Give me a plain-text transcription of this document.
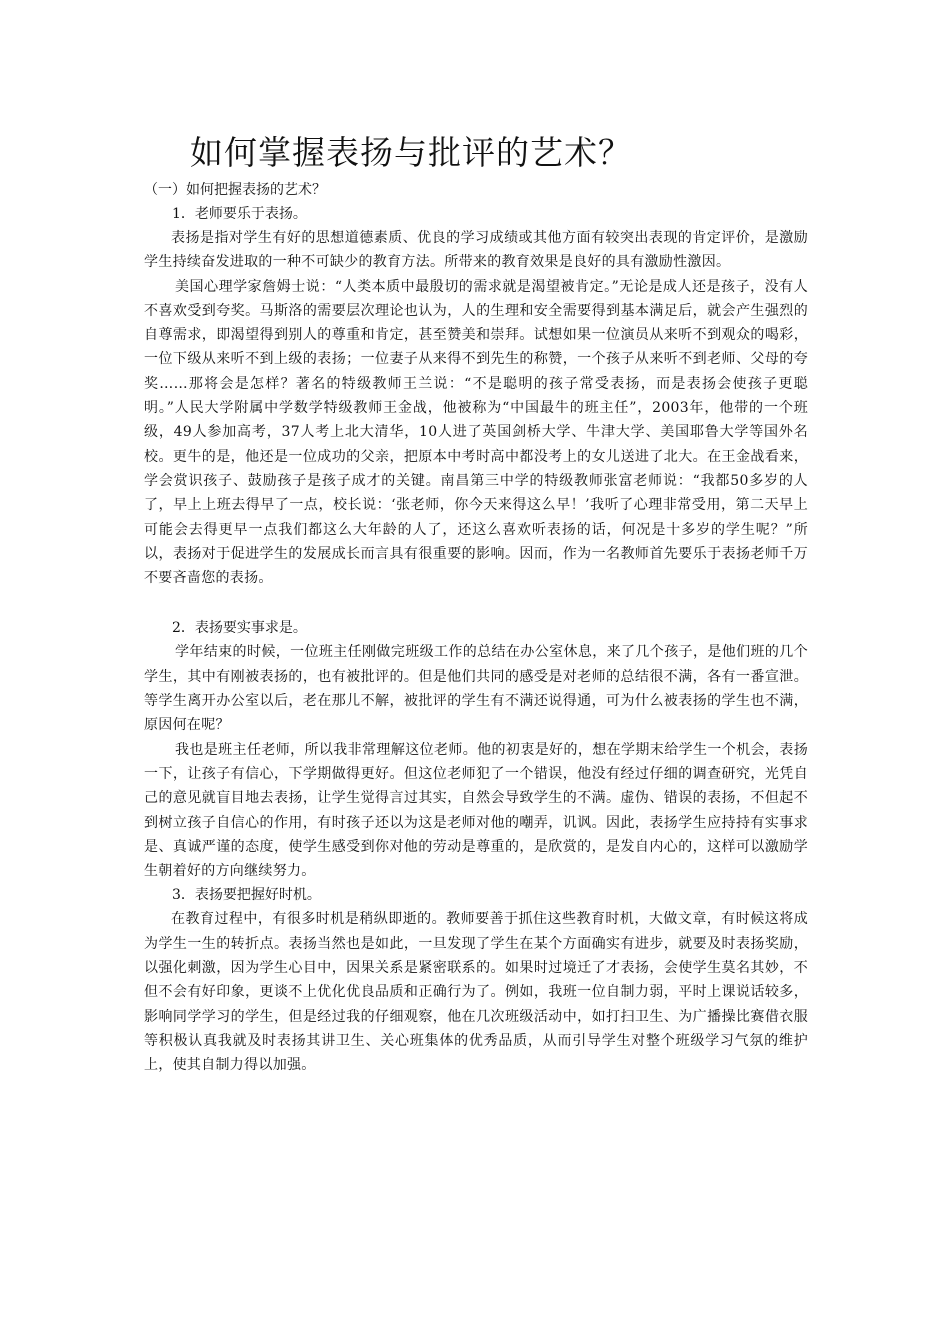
如何掌握表扬与批评的艺术？

（一）如何把握表扬的艺术？

1．老师要乐于表扬。

表扬是指对学生有好的思想道德素质、优良的学习成绩或其他方面有较突出表现的肯定评价，是激励学生持续奋发进取的一种不可缺少的教育方法。所带来的教育效果是良好的具有激励性激因。

美国心理学家詹姆士说：“人类本质中最殷切的需求就是渴望被肯定。”无论是成人还是孩子，没有人不喜欢受到夸奖。马斯洛的需要层次理论也认为，人的生理和安全需要得到基本满足后，就会产生强烈的自尊需求，即渴望得到别人的尊重和肯定，甚至赞美和崇拜。试想如果一位演员从来听不到观众的喝彩，一位下级从来听不到上级的表扬；一位妻子从来得不到先生的称赞，一个孩子从来听不到老师、父母的夸奖……那将会是怎样？著名的特级教师王兰说：“不是聪明的孩子常受表扬，而是表扬会使孩子更聪明。”人民大学附属中学数学特级教师王金战，他被称为“中国最牛的班主任”，2003年，他带的一个班级，49人参加高考，37人考上北大清华，10人进了英国剑桥大学、牛津大学、美国耶鲁大学等国外名校。更牛的是，他还是一位成功的父亲，把原本中考时高中都没考上的女儿送进了北大。在王金战看来，学会赏识孩子、鼓励孩子是孩子成才的关键。南昌第三中学的特级教师张富老师说：“我都50多岁的人了，早上上班去得早了一点，校长说：‘张老师，你今天来得这么早！’我听了心理非常受用，第二天早上可能会去得更早一点我们都这么大年龄的人了，还这么喜欢听表扬的话，何况是十多岁的学生呢？”所以，表扬对于促进学生的发展成长而言具有很重要的影响。因而，作为一名教师首先要乐于表扬老师千万不要吝啬您的表扬。

2．表扬要实事求是。

学年结束的时候，一位班主任刚做完班级工作的总结在办公室休息，来了几个孩子，是他们班的几个学生，其中有刚被表扬的，也有被批评的。但是他们共同的感受是对老师的总结很不满，各有一番宣泄。等学生离开办公室以后，老在那儿不解，被批评的学生有不满还说得通，可为什么被表扬的学生也不满，原因何在呢？

我也是班主任老师，所以我非常理解这位老师。他的初衷是好的，想在学期末给学生一个机会，表扬一下，让孩子有信心，下学期做得更好。但这位老师犯了一个错误，他没有经过仔细的调查研究，光凭自己的意见就盲目地去表扬，让学生觉得言过其实，自然会导致学生的不满。虚伪、错误的表扬，不但起不到树立孩子自信心的作用，有时孩子还以为这是老师对他的嘲弄，讥讽。因此，表扬学生应持持有实事求是、真诚严谨的态度，使学生感受到你对他的劳动是尊重的，是欣赏的，是发自内心的，这样可以激励学生朝着好的方向继续努力。

3．表扬要把握好时机。

在教育过程中，有很多时机是稍纵即逝的。教师要善于抓住这些教育时机，大做文章，有时候这将成为学生一生的转折点。表扬当然也是如此，一旦发现了学生在某个方面确实有进步，就要及时表扬奖励，以强化刺激，因为学生心目中，因果关系是紧密联系的。如果时过境迁了才表扬，会使学生莫名其妙，不但不会有好印象，更谈不上优化优良品质和正确行为了。例如，我班一位自制力弱，平时上课说话较多，影响同学学习的学生，但是经过我的仔细观察，他在几次班级活动中，如打扫卫生、为广播操比赛借衣服等积极认真我就及时表扬其讲卫生、关心班集体的优秀品质，从而引导学生对整个班级学习气氛的维护上，使其自制力得以加强。
